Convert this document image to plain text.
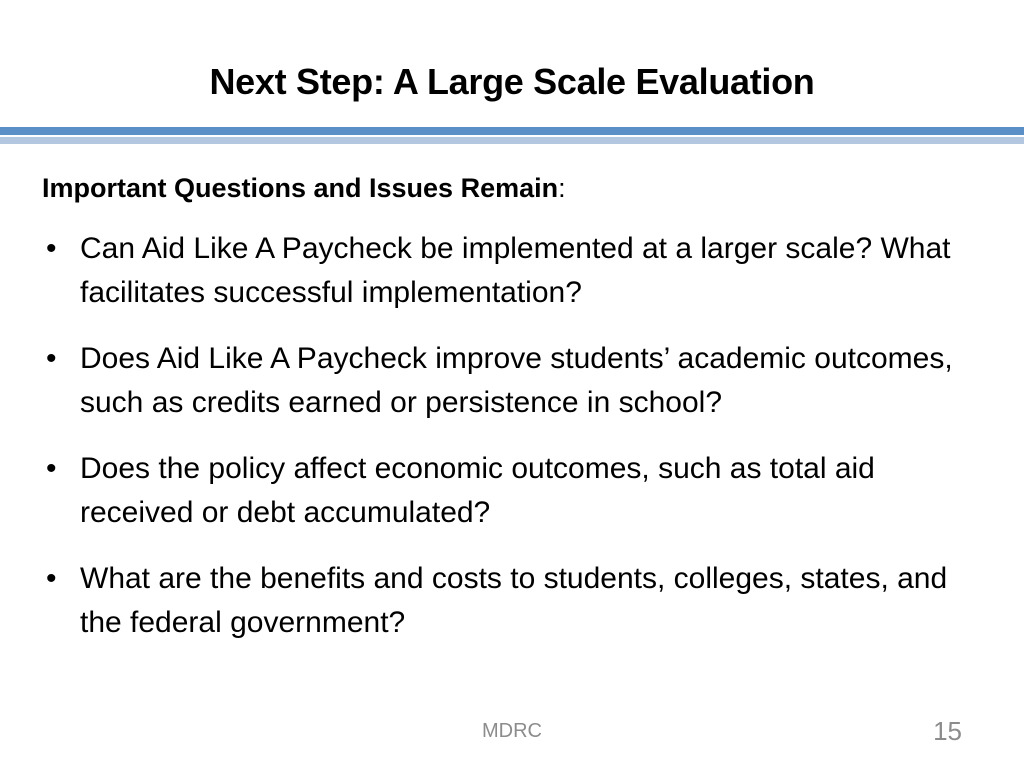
Next Step: A Large Scale Evaluation
Important Questions and Issues Remain:
• Can Aid Like A Paycheck be implemented at a larger scale? What facilitates successful implementation?
• Does Aid Like A Paycheck improve students’ academic outcomes, such as credits earned or persistence in school?
• Does the policy affect economic outcomes, such as total aid received or debt accumulated?
• What are the benefits and costs to students, colleges, states, and the federal government?
MDRC	15
